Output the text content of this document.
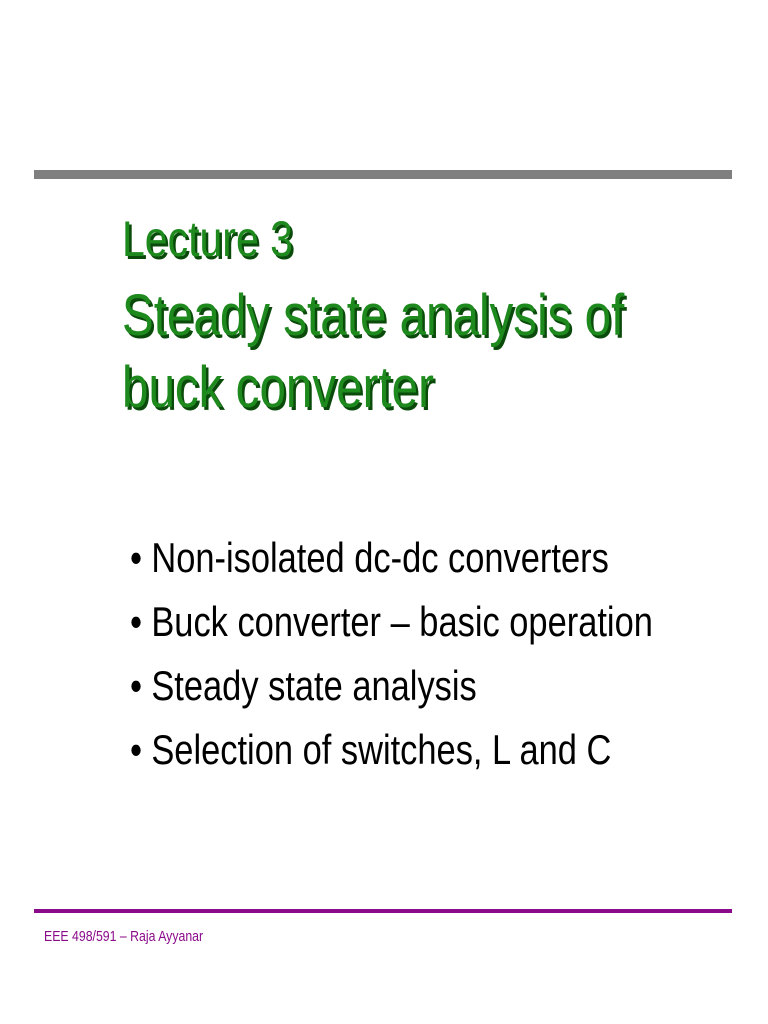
Lecture 3
Steady state analysis of
buck converter
• Non-isolated dc-dc converters
• Buck converter – basic operation
• Steady state analysis
• Selection of switches, L and C
EEE 498/591 – Raja Ayyanar
